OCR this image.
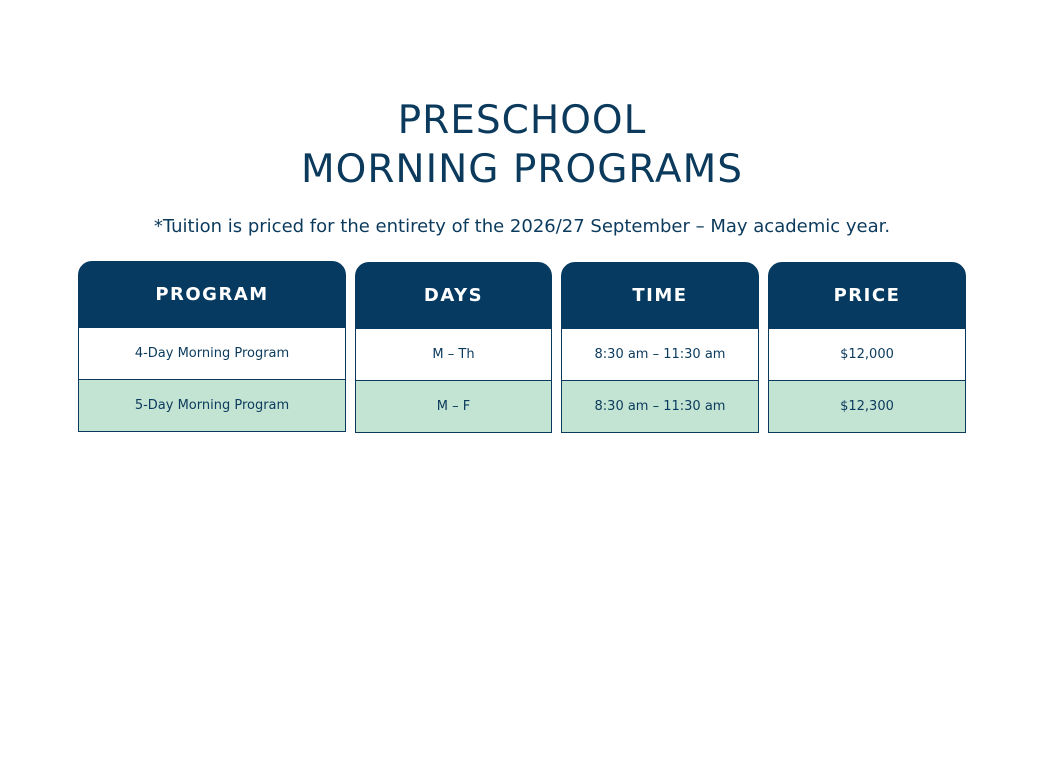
PRESCHOOL
MORNING PROGRAMS
*Tuition is priced for the entirety of the 2026/27 September – May academic year.
PROGRAM
4-Day Morning Program
5-Day Morning Program
DAYS
M – Th
M – F
TIME
8:30 am – 11:30 am
8:30 am – 11:30 am
PRICE
$12,000
$12,300
